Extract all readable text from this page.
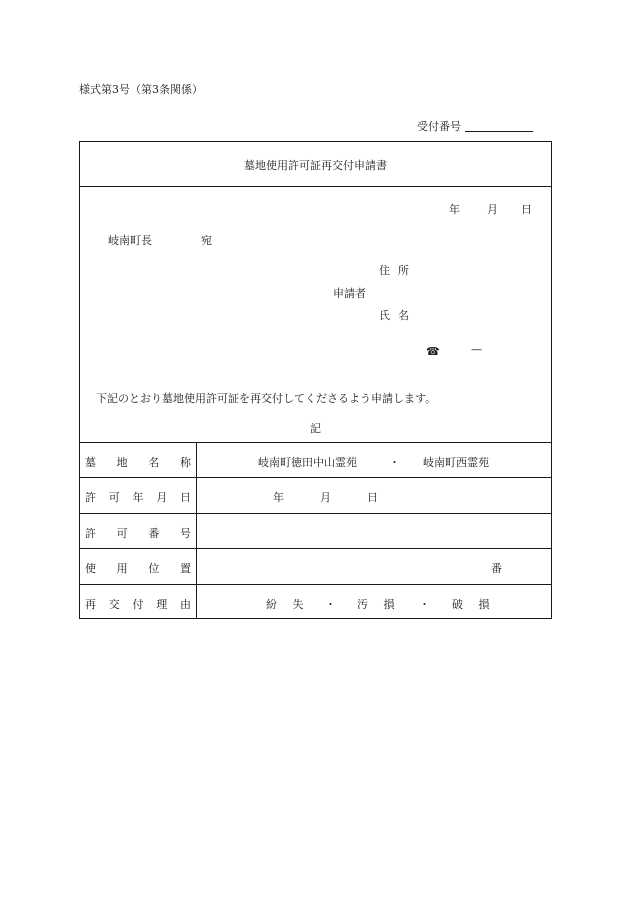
様式第3号（第3条関係）
受付番号
墓地使用許可証再交付申請書
墓 地 名 称	岐南町徳田中山霊苑	・ 岐南町西霊苑
許 可 年 月 日	年	月	日
許 可 番 号
使 用 位 置	番
再 交 付 理 由	紛 失 ・ 汚 損 ・ 破 損
年 月 日
岐南町長	宛
住所
申請者
氏名
☎	—
下記のとおり墓地使用許可証を再交付してくださるよう申請します。
記
